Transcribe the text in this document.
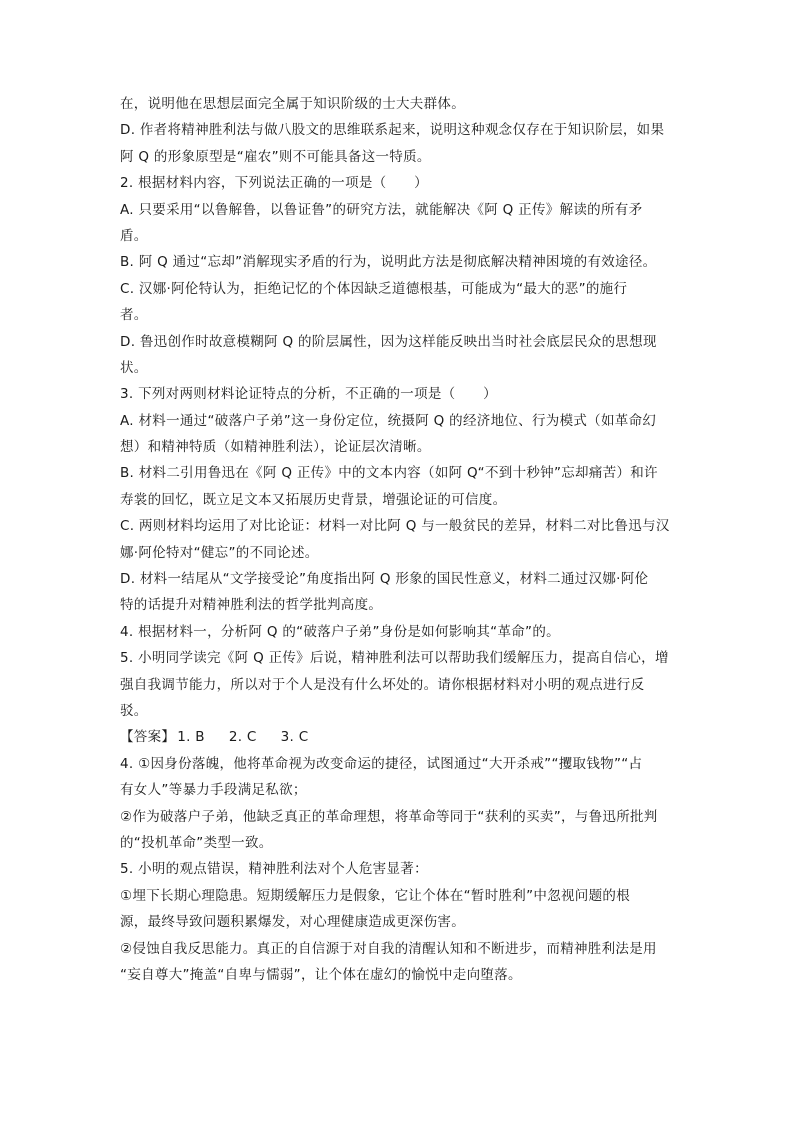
在，说明他在思想层面完全属于知识阶级的士大夫群体。
D. 作者将精神胜利法与做八股文的思维联系起来，说明这种观念仅存在于知识阶层，如果
阿 Q 的形象原型是“雇农”则不可能具备这一特质。
2. 根据材料内容，下列说法正确的一项是（　　）
A. 只要采用“以鲁解鲁，以鲁证鲁”的研究方法，就能解决《阿 Q 正传》解读的所有矛
盾。
B. 阿 Q 通过“忘却”消解现实矛盾的行为，说明此方法是彻底解决精神困境的有效途径。
C. 汉娜·阿伦特认为，拒绝记忆的个体因缺乏道德根基，可能成为“最大的恶”的施行
者。
D. 鲁迅创作时故意模糊阿 Q 的阶层属性，因为这样能反映出当时社会底层民众的思想现
状。
3. 下列对两则材料论证特点的分析，不正确的一项是（　　）
A. 材料一通过“破落户子弟”这一身份定位，统摄阿 Q 的经济地位、行为模式（如革命幻
想）和精神特质（如精神胜利法），论证层次清晰。
B. 材料二引用鲁迅在《阿 Q 正传》中的文本内容（如阿 Q“不到十秒钟”忘却痛苦）和许
寿裳的回忆，既立足文本又拓展历史背景，增强论证的可信度。
C. 两则材料均运用了对比论证：材料一对比阿 Q 与一般贫民的差异，材料二对比鲁迅与汉
娜·阿伦特对“健忘”的不同论述。
D. 材料一结尾从“文学接受论”角度指出阿 Q 形象的国民性意义，材料二通过汉娜·阿伦
特的话提升对精神胜利法的哲学批判高度。
4. 根据材料一，分析阿 Q 的“破落户子弟”身份是如何影响其“革命”的。
5. 小明同学读完《阿 Q 正传》后说，精神胜利法可以帮助我们缓解压力，提高自信心，增
强自我调节能力，所以对于个人是没有什么坏处的。请你根据材料对小明的观点进行反
驳。
【答案】 1. B 2. C 3. C
4. ①因身份落魄，他将革命视为改变命运的捷径，试图通过“大开杀戒”“攫取钱物”“占
有女人”等暴力手段满足私欲；
②作为破落户子弟，他缺乏真正的革命理想，将革命等同于“获利的买卖”，与鲁迅所批判
的“投机革命”类型一致。
5. 小明的观点错误，精神胜利法对个人危害显著：
①埋下长期心理隐患。短期缓解压力是假象，它让个体在“暂时胜利”中忽视问题的根
源，最终导致问题积累爆发，对心理健康造成更深伤害。
②侵蚀自我反思能力。真正的自信源于对自我的清醒认知和不断进步，而精神胜利法是用
“妄自尊大”掩盖“自卑与懦弱”，让个体在虚幻的愉悦中走向堕落。
